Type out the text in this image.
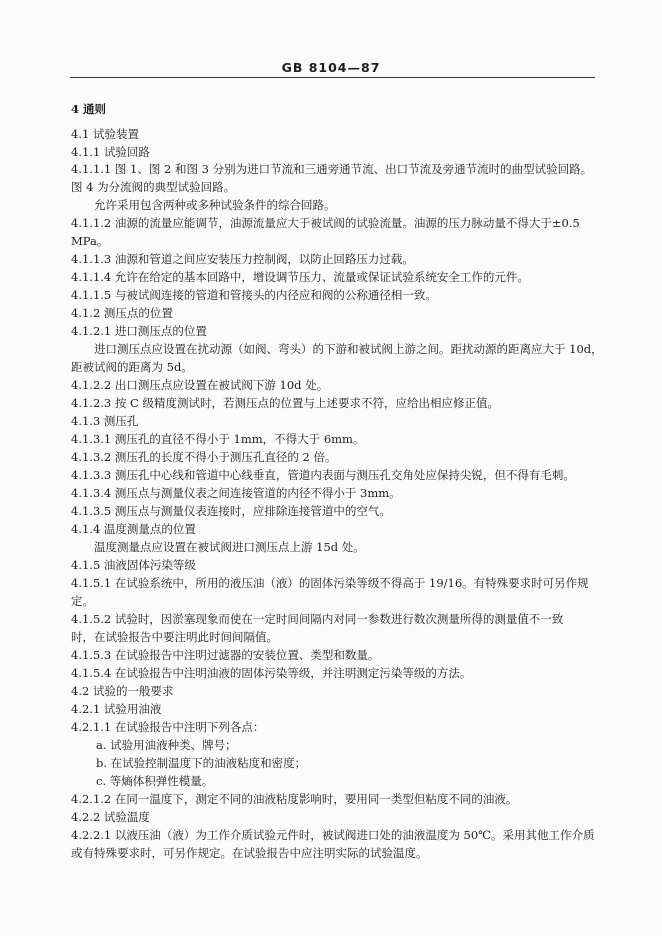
GB 8104—87
4 通则
4.1 试验装置
4.1.1 试验回路
4.1.1.1 图 1、图 2 和图 3 分别为进口节流和三通旁通节流、出口节流及旁通节流时的曲型试验回路。
图 4 为分流阀的典型试验回路。
允许采用包含两种或多种试验条件的综合回路。
4.1.1.2 油源的流量应能调节，油源流量应大于被试阀的试验流量。油源的压力脉动量不得大于±0.5
MPa。
4.1.1.3 油源和管道之间应安装压力控制阀，以防止回路压力过载。
4.1.1.4 允许在给定的基本回路中，增设调节压力、流量或保证试验系统安全工作的元件。
4.1.1.5 与被试阀连接的管道和管接头的内径应和阀的公称通径相一致。
4.1.2 测压点的位置
4.1.2.1 进口测压点的位置
进口测压点应设置在扰动源（如阀、弯头）的下游和被试阀上游之间。距扰动源的距离应大于 10d，
距被试阀的距离为 5d。
4.1.2.2 出口测压点应设置在被试阀下游 10d 处。
4.1.2.3 按 C 级精度测试时，若测压点的位置与上述要求不符，应给出相应修正值。
4.1.3 测压孔
4.1.3.1 测压孔的直径不得小于 1mm，不得大于 6mm。
4.1.3.2 测压孔的长度不得小于测压孔直径的 2 倍。
4.1.3.3 测压孔中心线和管道中心线垂直，管道内表面与测压孔交角处应保持尖锐，但不得有毛刺。
4.1.3.4 测压点与测量仪表之间连接管道的内径不得小于 3mm。
4.1.3.5 测压点与测量仪表连接时，应排除连接管道中的空气。
4.1.4 温度测量点的位置
温度测量点应设置在被试阀进口测压点上游 15d 处。
4.1.5 油液固体污染等级
4.1.5.1 在试验系统中，所用的液压油（液）的固体污染等级不得高于 19/16。有特殊要求时可另作规
定。
4.1.5.2 试验时，因淤塞现象而使在一定时间间隔内对同一参数进行数次测量所得的测量值不一致
时，在试验报告中要注明此时间间隔值。
4.1.5.3 在试验报告中注明过滤器的安装位置、类型和数量。
4.1.5.4 在试验报告中注明油液的固体污染等级，并注明测定污染等级的方法。
4.2 试验的一般要求
4.2.1 试验用油液
4.2.1.1 在试验报告中注明下列各点：
a. 试验用油液种类、牌号；
b. 在试验控制温度下的油液粘度和密度；
c. 等熵体积弹性模量。
4.2.1.2 在同一温度下，测定不同的油液粘度影响时，要用同一类型但粘度不同的油液。
4.2.2 试验温度
4.2.2.1 以液压油（液）为工作介质试验元件时，被试阀进口处的油液温度为 50℃。采用其他工作介质
或有特殊要求时，可另作规定。在试验报告中应注明实际的试验温度。
